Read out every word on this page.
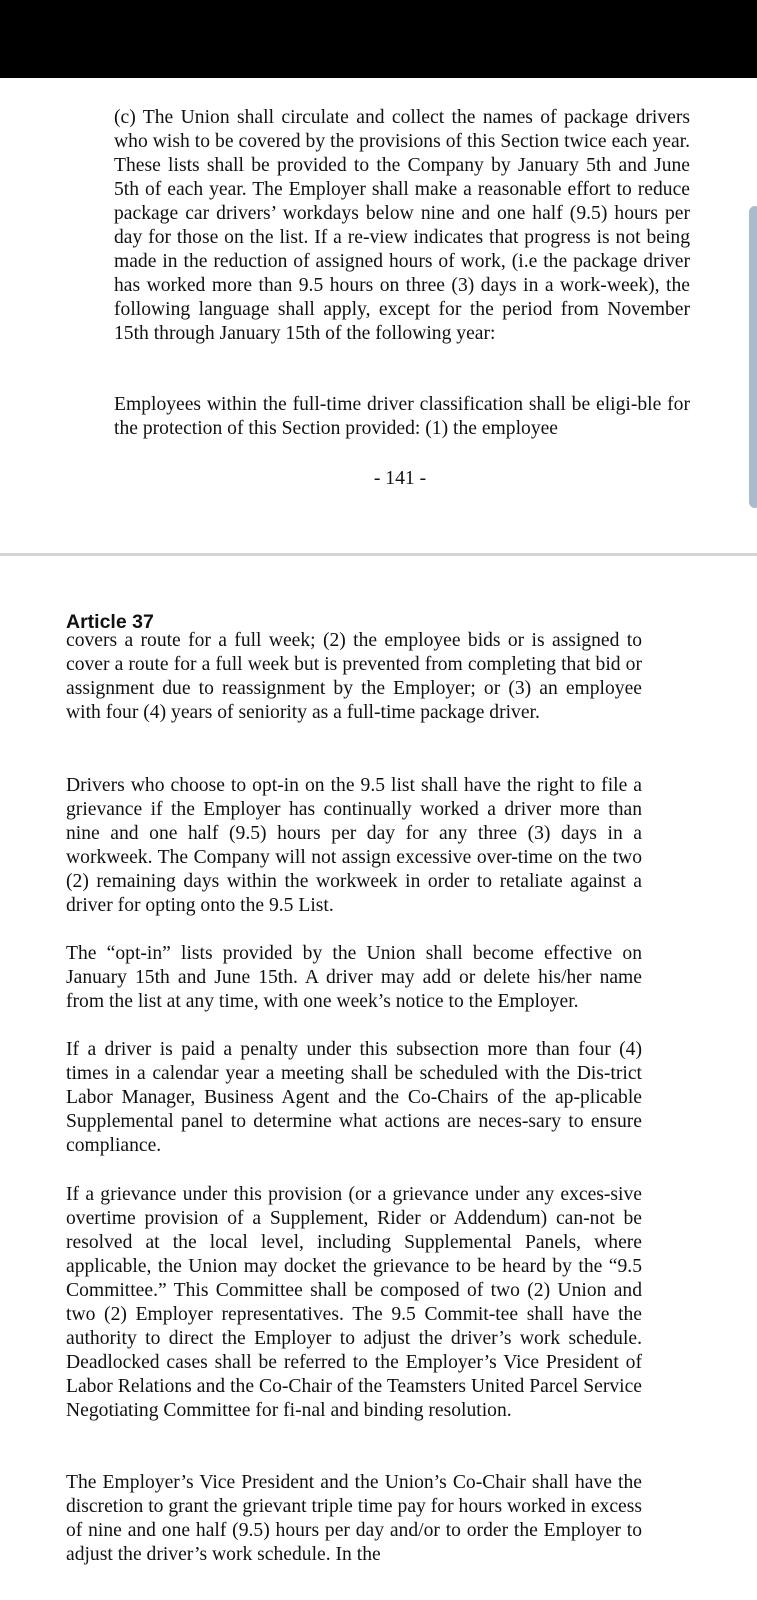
(c) The Union shall circulate and collect the names of package drivers who wish to be covered by the provisions of this Section twice each year. These lists shall be provided to the Company by January 5th and June 5th of each year. The Employer shall make a reasonable effort to reduce package car drivers’ workdays below nine and one half (9.5) hours per day for those on the list. If a re-view indicates that progress is not being made in the reduction of assigned hours of work, (i.e the package driver has worked more than 9.5 hours on three (3) days in a work-week), the following language shall apply, except for the period from November 15th through January 15th of the following year:

Employees within the full-time driver classification shall be eligi-ble for the protection of this Section provided: (1) the employee

- 141 -
Article 37

covers a route for a full week; (2) the employee bids or is assigned to cover a route for a full week but is prevented from completing that bid or assignment due to reassignment by the Employer; or (3) an employee with four (4) years of seniority as a full-time package driver.

Drivers who choose to opt-in on the 9.5 list shall have the right to file a grievance if the Employer has continually worked a driver more than nine and one half (9.5) hours per day for any three (3) days in a workweek. The Company will not assign excessive over-time on the two (2) remaining days within the workweek in order to retaliate against a driver for opting onto the 9.5 List.

The “opt-in” lists provided by the Union shall become effective on January 15th and June 15th. A driver may add or delete his/her name from the list at any time, with one week’s notice to the Employer.

If a driver is paid a penalty under this subsection more than four (4) times in a calendar year a meeting shall be scheduled with the Dis-trict Labor Manager, Business Agent and the Co-Chairs of the ap-plicable Supplemental panel to determine what actions are neces-sary to ensure compliance.

If a grievance under this provision (or a grievance under any exces-sive overtime provision of a Supplement, Rider or Addendum) can-not be resolved at the local level, including Supplemental Panels, where applicable, the Union may docket the grievance to be heard by the “9.5 Committee.” This Committee shall be composed of two (2) Union and two (2) Employer representatives. The 9.5 Commit-tee shall have the authority to direct the Employer to adjust the driver’s work schedule. Deadlocked cases shall be referred to the Employer’s Vice President of Labor Relations and the Co-Chair of the Teamsters United Parcel Service Negotiating Committee for fi-nal and binding resolution.

The Employer’s Vice President and the Union’s Co-Chair shall have the discretion to grant the grievant triple time pay for hours worked in excess of nine and one half (9.5) hours per day and/or to order the Employer to adjust the driver’s work schedule. In the
